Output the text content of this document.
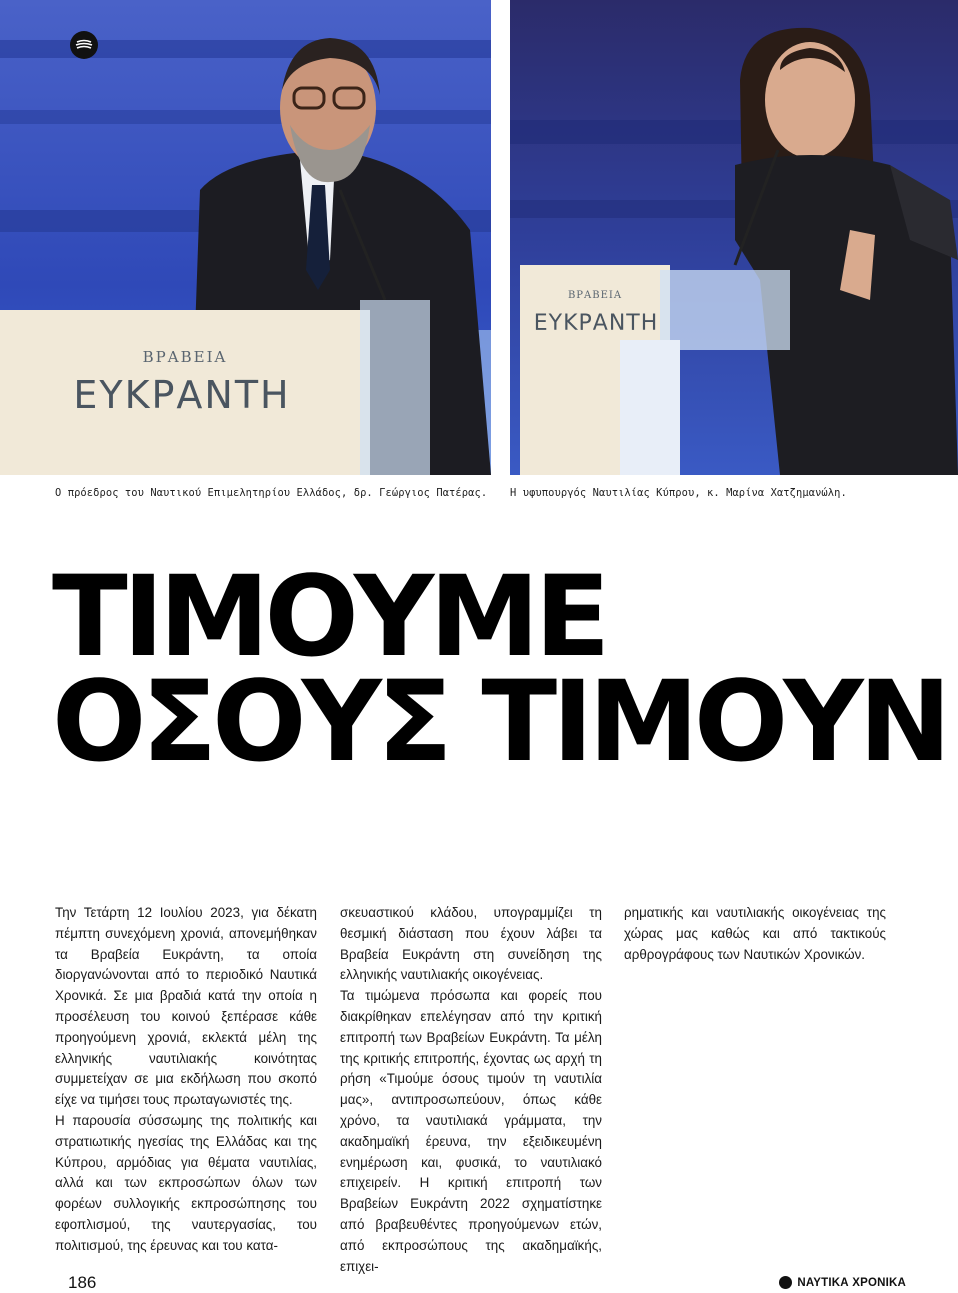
ΒΡΑΒΕΙΑ
ΕΥΚΡΑΝΤΗ
ΒΡΑΒΕΙΑ
ΕΥΚΡΑΝΤΗ
Ο πρόεδρος του Ναυτικού Επιμελητηρίου Ελλάδος, δρ. Γεώργιος Πατέρας. Η υφυπουργός Ναυτιλίας Κύπρου, κ. Μαρίνα Χατζημανώλη.
ΤΙΜΟΥΜΕ
ΟΣΟΥΣ ΤΙΜΟΥΝ

Την Τετάρτη 12 Ιουλίου 2023, για δέκατη πέμπτη συνεχόμενη χρονιά, απονεμήθηκαν τα Βραβεία Ευκράντη, τα οποία διοργανώνονται από το περιοδικό Ναυτικά Χρονικά. Σε μια βραδιά κατά την οποία η προσέλευση του κοινού ξεπέρασε κάθε προηγούμενη χρονιά, εκλεκτά μέλη της ελληνικής ναυτιλιακής κοινότητας συμμετείχαν σε μια εκδήλωση που σκοπό είχε να τιμήσει τους πρωταγωνιστές της.

Η παρουσία σύσσωμης της πολιτικής και στρατιωτικής ηγεσίας της Ελλάδας και της Κύπρου, αρμόδιας για θέματα ναυτιλίας, αλλά και των εκπροσώπων όλων των φορέων συλλογικής εκπροσώπησης του εφοπλισμού, της ναυτεργασίας, του πολιτισμού, της έρευνας και του κατα-

σκευαστικού κλάδου, υπογραμμίζει τη θεσμική διάσταση που έχουν λάβει τα Βραβεία Ευκράντη στη συνείδηση της ελληνικής ναυτιλιακής οικογένειας.

Τα τιμώμενα πρόσωπα και φορείς που διακρίθηκαν επελέγησαν από την κριτική επιτροπή των Βραβείων Ευκράντη. Τα μέλη της κριτικής επιτροπής, έχοντας ως αρχή τη ρήση «Τιμούμε όσους τιμούν τη ναυτιλία μας», αντιπροσωπεύουν, όπως κάθε χρόνο, τα ναυτιλιακά γράμματα, την ακαδημαϊκή έρευνα, την εξειδικευμένη ενημέρωση και, φυσικά, το ναυτιλιακό επιχειρείν. Η κριτική επιτροπή των Βραβείων Ευκράντη 2022 σχηματίστηκε από βραβευθέντες προηγούμενων ετών, από εκπροσώπους της ακαδημαϊκής, επιχει-

ρηματικής και ναυτιλιακής οικογένειας της χώρας μας καθώς και από τακτικούς αρθρογράφους των Ναυτικών Χρονικών.

186	ΝΑΥΤΙΚΑ ΧΡΟΝΙΚΑ
